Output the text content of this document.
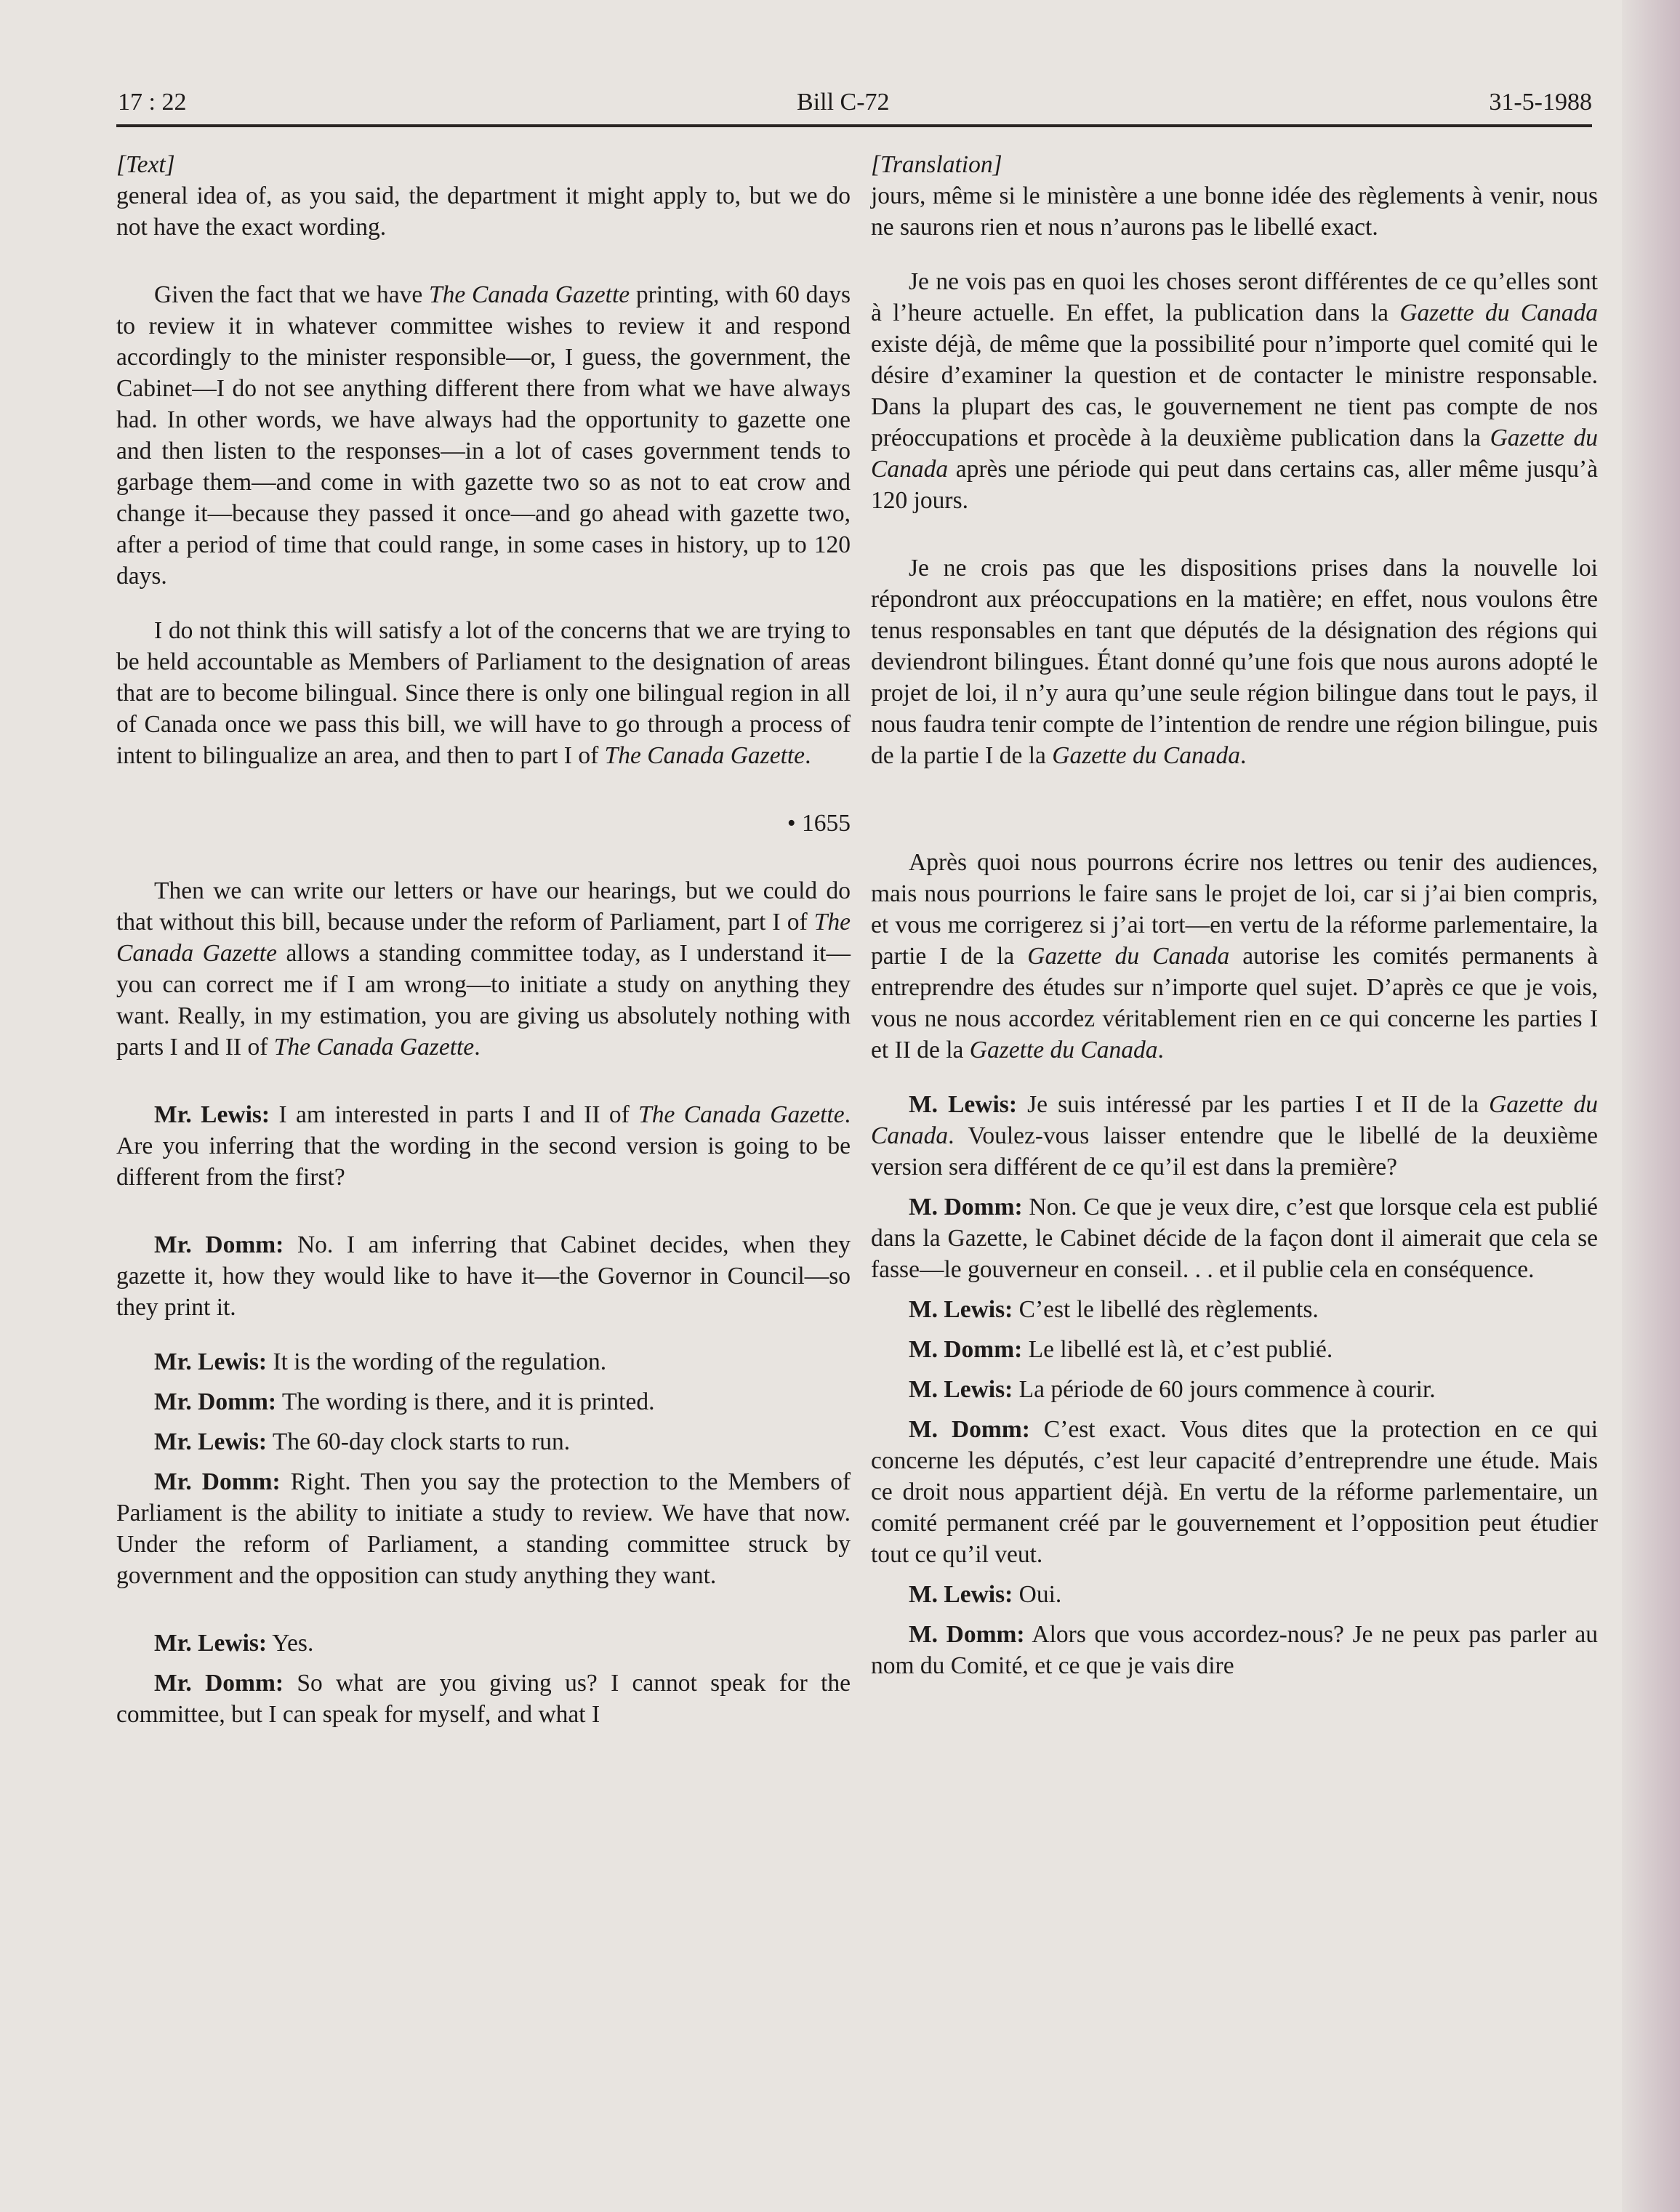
17 : 22	Bill C-72	31-5-1988

[Text]

general idea of, as you said, the department it might apply to, but we do not have the exact wording.

Given the fact that we have The Canada Gazette printing, with 60 days to review it in whatever committee wishes to review it and respond accordingly to the minister responsible—or, I guess, the government, the Cabinet—I do not see anything different there from what we have always had. In other words, we have always had the opportunity to gazette one and then listen to the responses—in a lot of cases government tends to garbage them—and come in with gazette two so as not to eat crow and change it—because they passed it once—and go ahead with gazette two, after a period of time that could range, in some cases in history, up to 120 days.

I do not think this will satisfy a lot of the concerns that we are trying to be held accountable as Members of Parliament to the designation of areas that are to become bilingual. Since there is only one bilingual region in all of Canada once we pass this bill, we will have to go through a process of intent to bilingualize an area, and then to part I of The Canada Gazette.

• 1655

Then we can write our letters or have our hearings, but we could do that without this bill, because under the reform of Parliament, part I of The Canada Gazette allows a standing committee today, as I understand it—you can correct me if I am wrong—to initiate a study on anything they want. Really, in my estimation, you are giving us absolutely nothing with parts I and II of The Canada Gazette.

Mr. Lewis: I am interested in parts I and II of The Canada Gazette. Are you inferring that the wording in the second version is going to be different from the first?

Mr. Domm: No. I am inferring that Cabinet decides, when they gazette it, how they would like to have it—the Governor in Council—so they print it.

Mr. Lewis: It is the wording of the regulation.

Mr. Domm: The wording is there, and it is printed.

Mr. Lewis: The 60-day clock starts to run.

Mr. Domm: Right. Then you say the protection to the Members of Parliament is the ability to initiate a study to review. We have that now. Under the reform of Parliament, a standing committee struck by government and the opposition can study anything they want.

Mr. Lewis: Yes.

Mr. Domm: So what are you giving us? I cannot speak for the committee, but I can speak for myself, and what I

[Translation]

jours, même si le ministère a une bonne idée des règlements à venir, nous ne saurons rien et nous n’aurons pas le libellé exact.

Je ne vois pas en quoi les choses seront différentes de ce qu’elles sont à l’heure actuelle. En effet, la publication dans la Gazette du Canada existe déjà, de même que la possibilité pour n’importe quel comité qui le désire d’examiner la question et de contacter le ministre responsable. Dans la plupart des cas, le gouvernement ne tient pas compte de nos préoccupations et procède à la deuxième publication dans la Gazette du Canada après une période qui peut dans certains cas, aller même jusqu’à 120 jours.

Je ne crois pas que les dispositions prises dans la nouvelle loi répondront aux préoccupations en la matière; en effet, nous voulons être tenus responsables en tant que députés de la désignation des régions qui deviendront bilingues. Étant donné qu’une fois que nous aurons adopté le projet de loi, il n’y aura qu’une seule région bilingue dans tout le pays, il nous faudra tenir compte de l’intention de rendre une région bilingue, puis de la partie I de la Gazette du Canada.

Après quoi nous pourrons écrire nos lettres ou tenir des audiences, mais nous pourrions le faire sans le projet de loi, car si j’ai bien compris, et vous me corrigerez si j’ai tort—en vertu de la réforme parlementaire, la partie I de la Gazette du Canada autorise les comités permanents à entreprendre des études sur n’importe quel sujet. D’après ce que je vois, vous ne nous accordez véritablement rien en ce qui concerne les parties I et II de la Gazette du Canada.

M. Lewis: Je suis intéressé par les parties I et II de la Gazette du Canada. Voulez-vous laisser entendre que le libellé de la deuxième version sera différent de ce qu’il est dans la première?

M. Domm: Non. Ce que je veux dire, c’est que lorsque cela est publié dans la Gazette, le Cabinet décide de la façon dont il aimerait que cela se fasse—le gouverneur en conseil. . . et il publie cela en conséquence.

M. Lewis: C’est le libellé des règlements.

M. Domm: Le libellé est là, et c’est publié.

M. Lewis: La période de 60 jours commence à courir.

M. Domm: C’est exact. Vous dites que la protection en ce qui concerne les députés, c’est leur capacité d’entreprendre une étude. Mais ce droit nous appartient déjà. En vertu de la réforme parlementaire, un comité permanent créé par le gouvernement et l’opposition peut étudier tout ce qu’il veut.

M. Lewis: Oui.

M. Domm: Alors que vous accordez-nous? Je ne peux pas parler au nom du Comité, et ce que je vais dire
